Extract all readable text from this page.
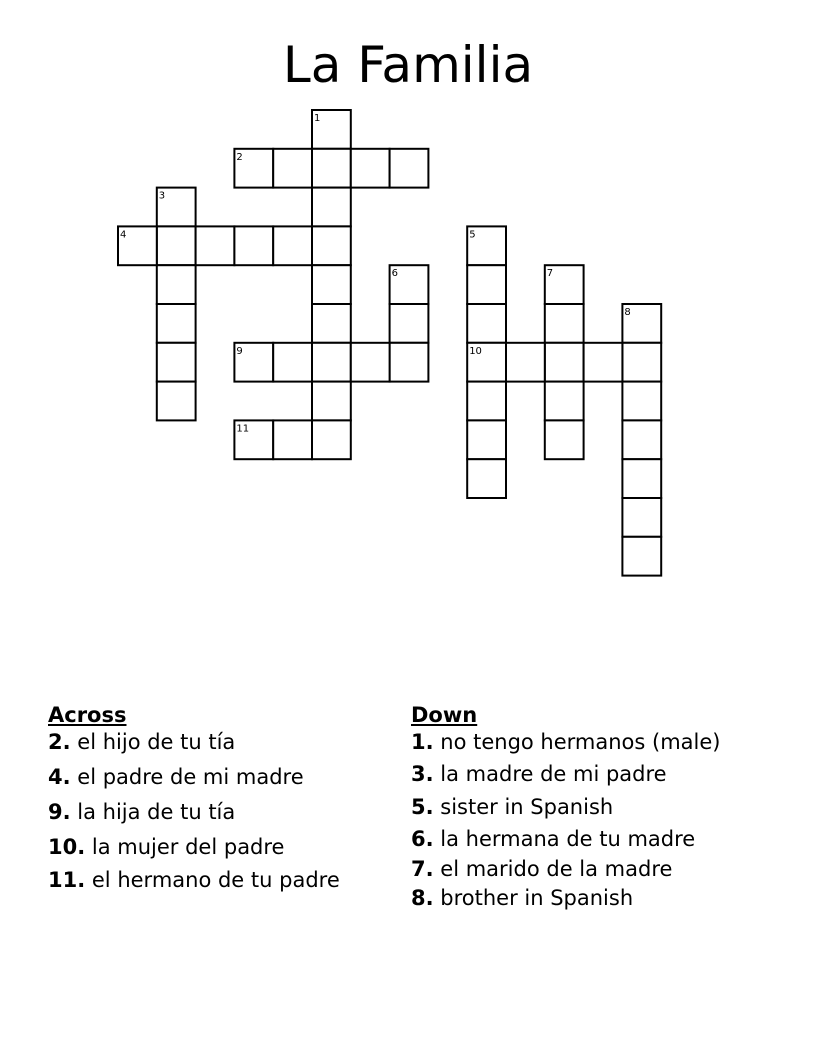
La Familia
1
2
3
4	5
6	7
8
9	10
11
Across
2. el hijo de tu tía
4. el padre de mi madre
9. la hija de tu tía
10. la mujer del padre
11. el hermano de tu padre
Down
1. no tengo hermanos (male)
3. la madre de mi padre
5. sister in Spanish
6. la hermana de tu madre
7. el marido de la madre
8. brother in Spanish
